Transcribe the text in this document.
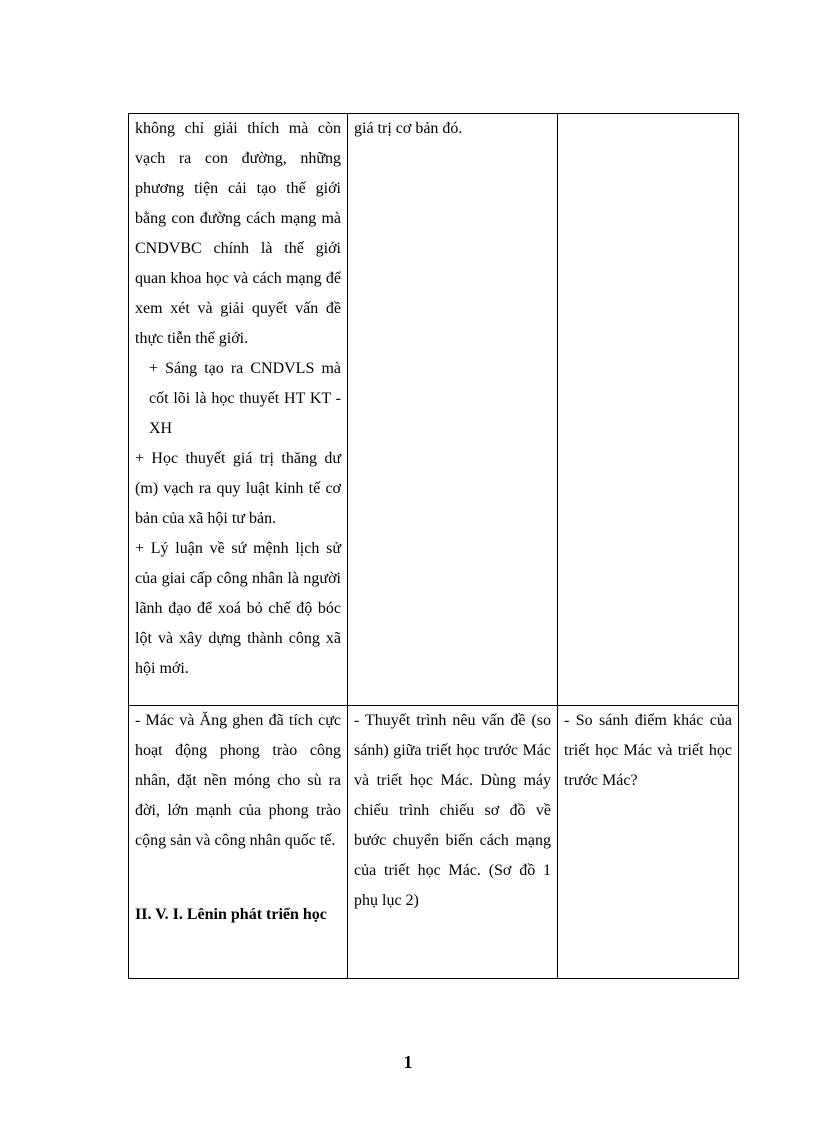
không chỉ giải thích mà còn vạch ra con đường, những phương tiện cải tạo thế giới bằng con đường cách mạng mà CNDVBC chính là thế giới quan khoa học và cách mạng để xem xét và giải quyết vấn đề thực tiễn thế giới.

+ Sáng tạo ra CNDVLS mà cốt lõi là học thuyết HT KT - XH

+ Học thuyết giá trị thăng dư (m) vạch ra quy luật kinh tế cơ bản của xã hội tư bản.

+ Lý luận về sứ mệnh lịch sử của giai cấp công nhân là người lãnh đạo để xoá bỏ chế độ bóc lột và xây dựng thành công xã hội mới.	giá trị cơ bản đó.	

- Mác và Ăng ghen đã tích cực hoạt động phong trào công nhân, đặt nền móng cho sù ra đời, lớn mạnh của phong trào cộng sản và công nhân quốc tế.

II. V. I. Lênin phát triển học	- Thuyết trình nêu vấn đề (so sánh) giữa triết học trước Mác và triết học Mác. Dùng máy chiếu trình chiếu sơ đồ về bước chuyển biến cách mạng của triết học Mác. (Sơ đồ 1 phụ lục 2)	- So sánh điểm khác của triết học Mác và triết học trước Mác?

1
